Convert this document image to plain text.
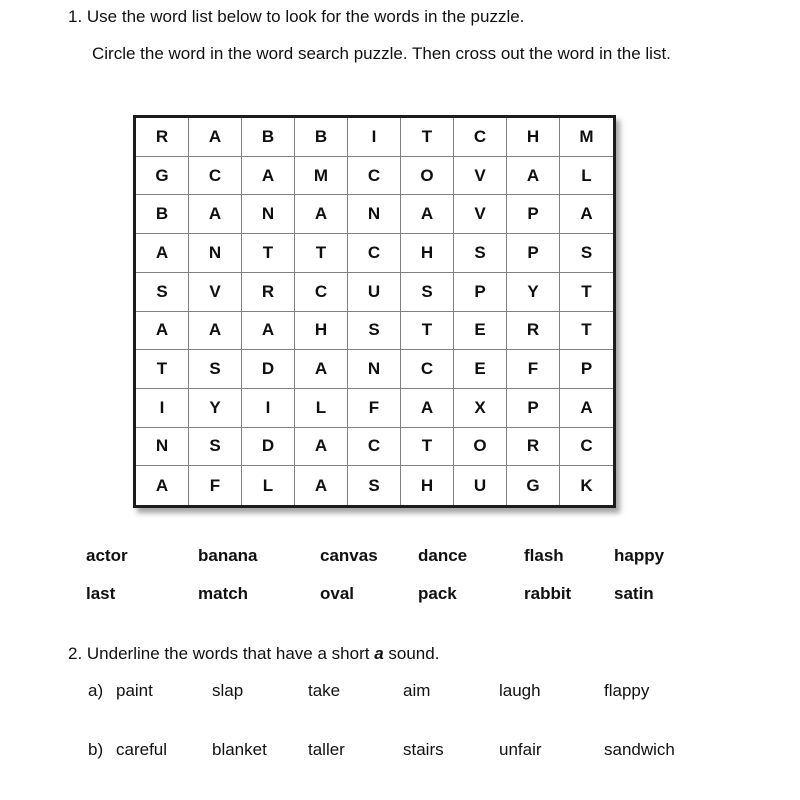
1. Use the word list below to look for the words in the puzzle.
Circle the word in the word search puzzle. Then cross out the word in the list.
R	A	B	B	I	T	C	H	M
G	C	A	M	C	O	V	A	L
B	A	N	A	N	A	V	P	A
A	N	T	T	C	H	S	P	S
S	V	R	C	U	S	P	Y	T
A	A	A	H	S	T	E	R	T
T	S	D	A	N	C	E	F	P
I	Y	I	L	F	A	X	P	A
N	S	D	A	C	T	O	R	C
A	F	L	A	S	H	U	G	K
actor	banana	canvas dance	flash	happy
last	match	oval	pack	rabbit	satin
2. Underline the words that have a short a sound.
a) paint	slap	take	aim	laugh	flappy
b) careful	blanket taller	stairs	unfair	sandwich
